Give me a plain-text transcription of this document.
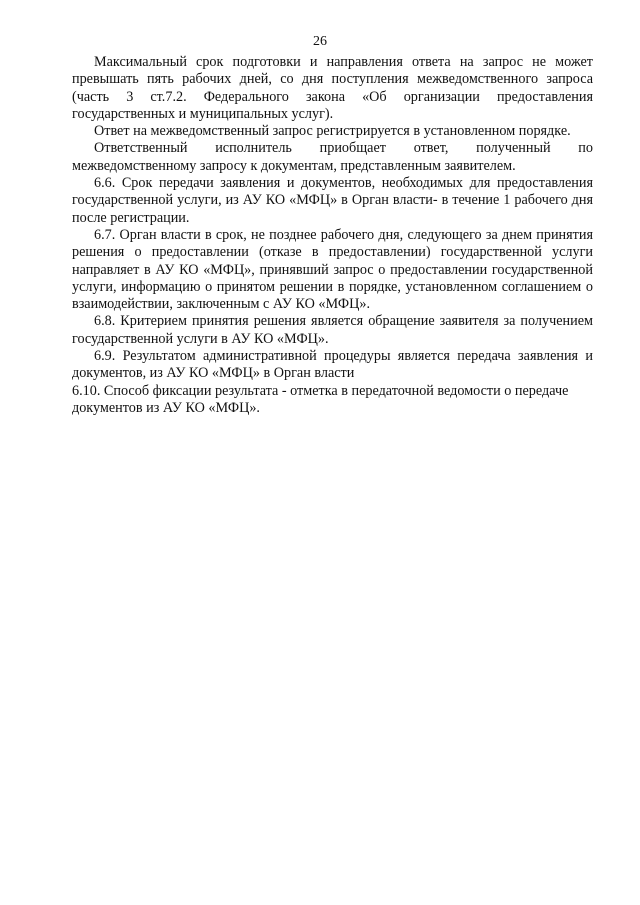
26

Максимальный срок подготовки и направления ответа на запрос не может превышать пять рабочих дней, со дня поступления межведомственного запроса (часть 3 ст.7.2. Федерального закона «Об организации предоставления государственных и муниципальных услуг).

Ответ на межведомственный запрос регистрируется в установленном порядке.

Ответственный исполнитель приобщает ответ, полученный по межведомственному запросу к документам, представленным заявителем.

6.6. Срок передачи заявления и документов, необходимых для предоставления государственной услуги, из АУ КО «МФЦ» в Орган власти- в течение 1 рабочего дня после регистрации.

6.7. Орган власти в срок, не позднее рабочего дня, следующего за днем принятия решения о предоставлении (отказе в предоставлении) государственной услуги направляет в АУ КО «МФЦ», принявший запрос о предоставлении государственной услуги, информацию о принятом решении в порядке, установленном соглашением о взаимодействии, заключенным с АУ КО «МФЦ».

6.8. Критерием принятия решения является обращение заявителя за получением государственной услуги в АУ КО «МФЦ».

6.9. Результатом административной процедуры является передача заявления и документов, из АУ КО «МФЦ» в Орган власти

6.10. Способ фиксации результата - отметка в передаточной ведомости о передаче документов из АУ КО «МФЦ».
